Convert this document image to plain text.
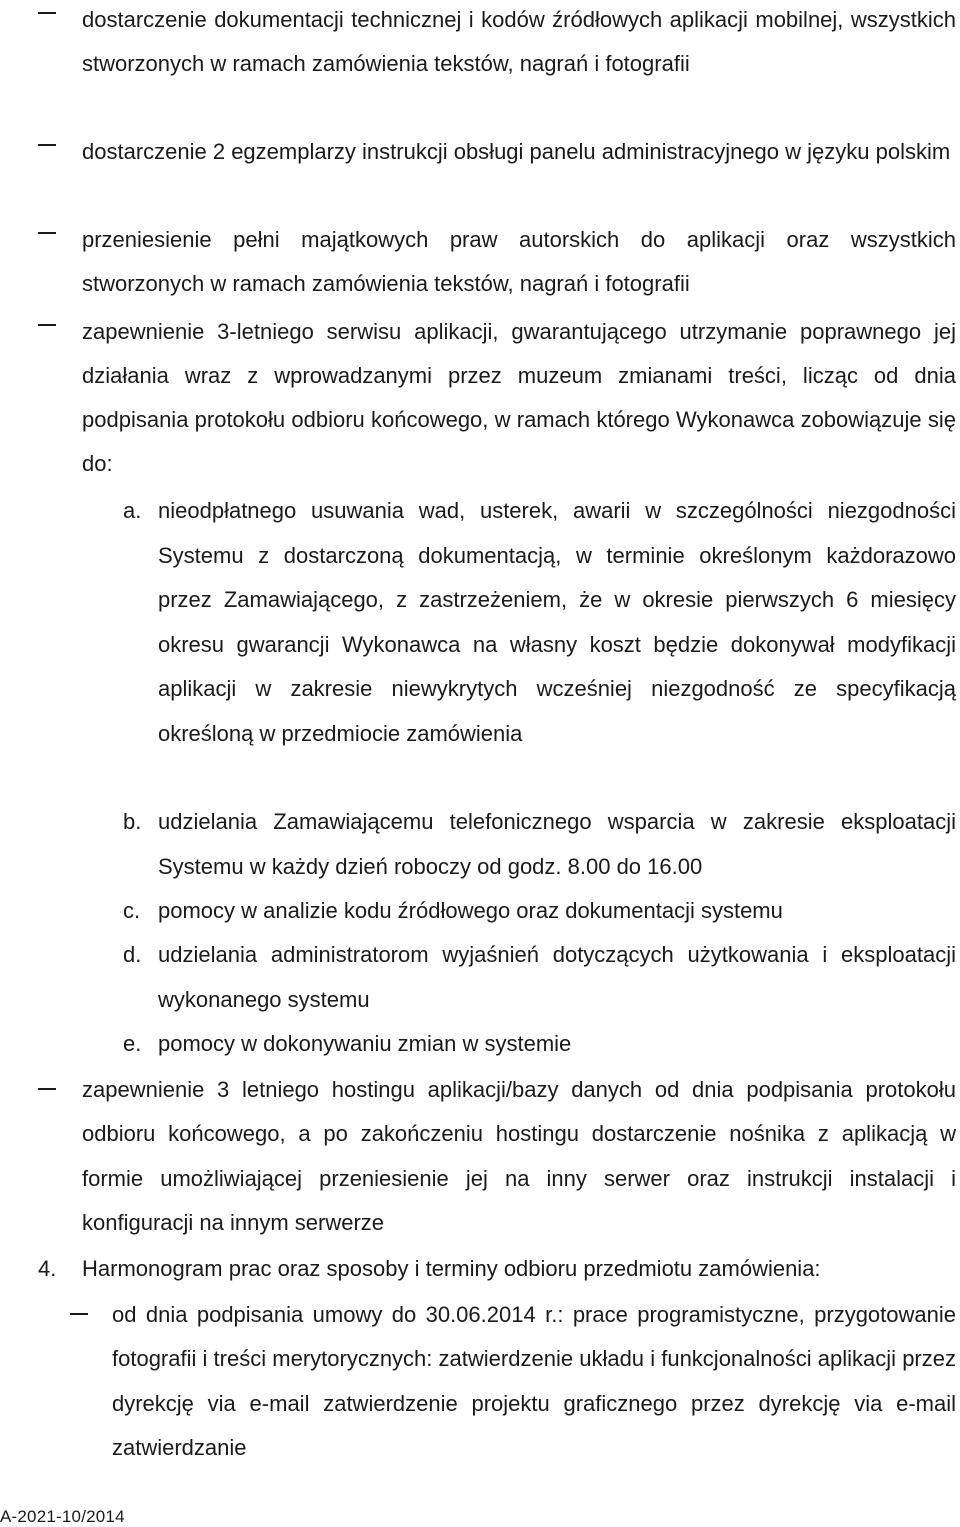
dostarczenie dokumentacji technicznej i kodów źródłowych aplikacji mobilnej, wszystkich stworzonych w ramach zamówienia tekstów, nagrań i fotografii
dostarczenie 2 egzemplarzy instrukcji obsługi panelu administracyjnego w języku polskim
przeniesienie pełni majątkowych praw autorskich do aplikacji oraz wszystkich stworzonych w ramach zamówienia tekstów, nagrań i fotografii
zapewnienie 3-letniego serwisu aplikacji, gwarantującego utrzymanie poprawnego jej działania wraz z wprowadzanymi przez muzeum zmianami treści, licząc od dnia podpisania protokołu odbioru końcowego, w ramach którego Wykonawca zobowiązuje się do:
a. nieodpłatnego usuwania wad, usterek, awarii w szczególności niezgodności Systemu z dostarczoną dokumentacją, w terminie określonym każdorazowo przez Zamawiającego, z zastrzeżeniem, że w okresie pierwszych 6 miesięcy okresu gwarancji Wykonawca na własny koszt będzie dokonywał modyfikacji aplikacji w zakresie niewykrytych wcześniej niezgodność ze specyfikacją określoną w przedmiocie zamówienia
b. udzielania Zamawiającemu telefonicznego wsparcia w zakresie eksploatacji Systemu w każdy dzień roboczy od godz. 8.00 do 16.00
c. pomocy w analizie kodu źródłowego oraz dokumentacji systemu
d. udzielania administratorom wyjaśnień dotyczących użytkowania i eksploatacji wykonanego systemu
e. pomocy w dokonywaniu zmian w systemie
zapewnienie 3 letniego hostingu aplikacji/bazy danych od dnia podpisania protokołu odbioru końcowego, a po zakończeniu hostingu dostarczenie nośnika z aplikacją w formie umożliwiającej przeniesienie jej na inny serwer oraz instrukcji instalacji i konfiguracji na innym serwerze
4. Harmonogram prac oraz sposoby i terminy odbioru przedmiotu zamówienia:
od dnia podpisania umowy do 30.06.2014 r.: prace programistyczne, przygotowanie fotografii i treści merytorycznych: zatwierdzenie układu i funkcjonalności aplikacji przez dyrekcję via e-mail zatwierdzenie projektu graficznego przez dyrekcję via e-mail zatwierdzanie
A-2021-10/2014
